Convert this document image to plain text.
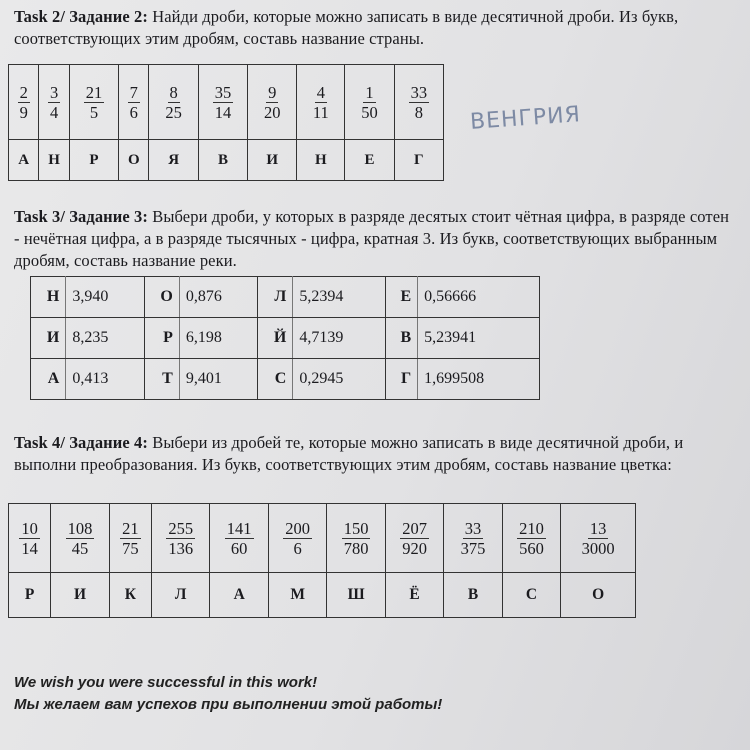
Task 2/ Задание 2: Найди дроби, которые можно записать в виде десятичной дроби. Из букв, соответствующих этим дробям, составь название страны.
$\frac{2}{9}$	$\frac{3}{4}$	$\frac{21}{5}$	$\frac{7}{6}$	$\frac{8}{25}$	$\frac{35}{14}$	$\frac{9}{20}$	$\frac{4}{11}$	$\frac{1}{50}$	$\frac{33}{8}$

А	Н	Р	О	Я	В	И	Н	Е	Г
ВЕНГРИЯ
Task 3/ Задание 3: Выбери дроби, у которых в разряде десятых стоит чётная цифра, в разряде сотен - нечётная цифра, а в разряде тысячных - цифра, кратная 3. Из букв, соответствующих выбранным дробям, составь название реки.
Н	3,940	О	0,876	Л	5,2394	Е	0,56666
И	8,235	Р	6,198	Й	4,7139	В	5,23941
А	0,413	Т	9,401	С	0,2945	Г	1,699508
Task 4/ Задание 4: Выбери из дробей те, которые можно записать в виде десятичной дроби, и выполни преобразования. Из букв, соответствующих этим дробям, составь название цветка:
$\frac{10}{14}$	$\frac{108}{45}$	$\frac{21}{75}$	$\frac{255}{136}$	$\frac{141}{60}$	$\frac{200}{6}$	$\frac{150}{780}$	$\frac{207}{920}$	$\frac{33}{375}$	$\frac{210}{560}$	$\frac{13}{3000}$

Р	И	К	Л	А	М	Ш	Ё	В	С	О
We wish you were successful in this work!
Мы желаем вам успехов при выполнении этой работы!
